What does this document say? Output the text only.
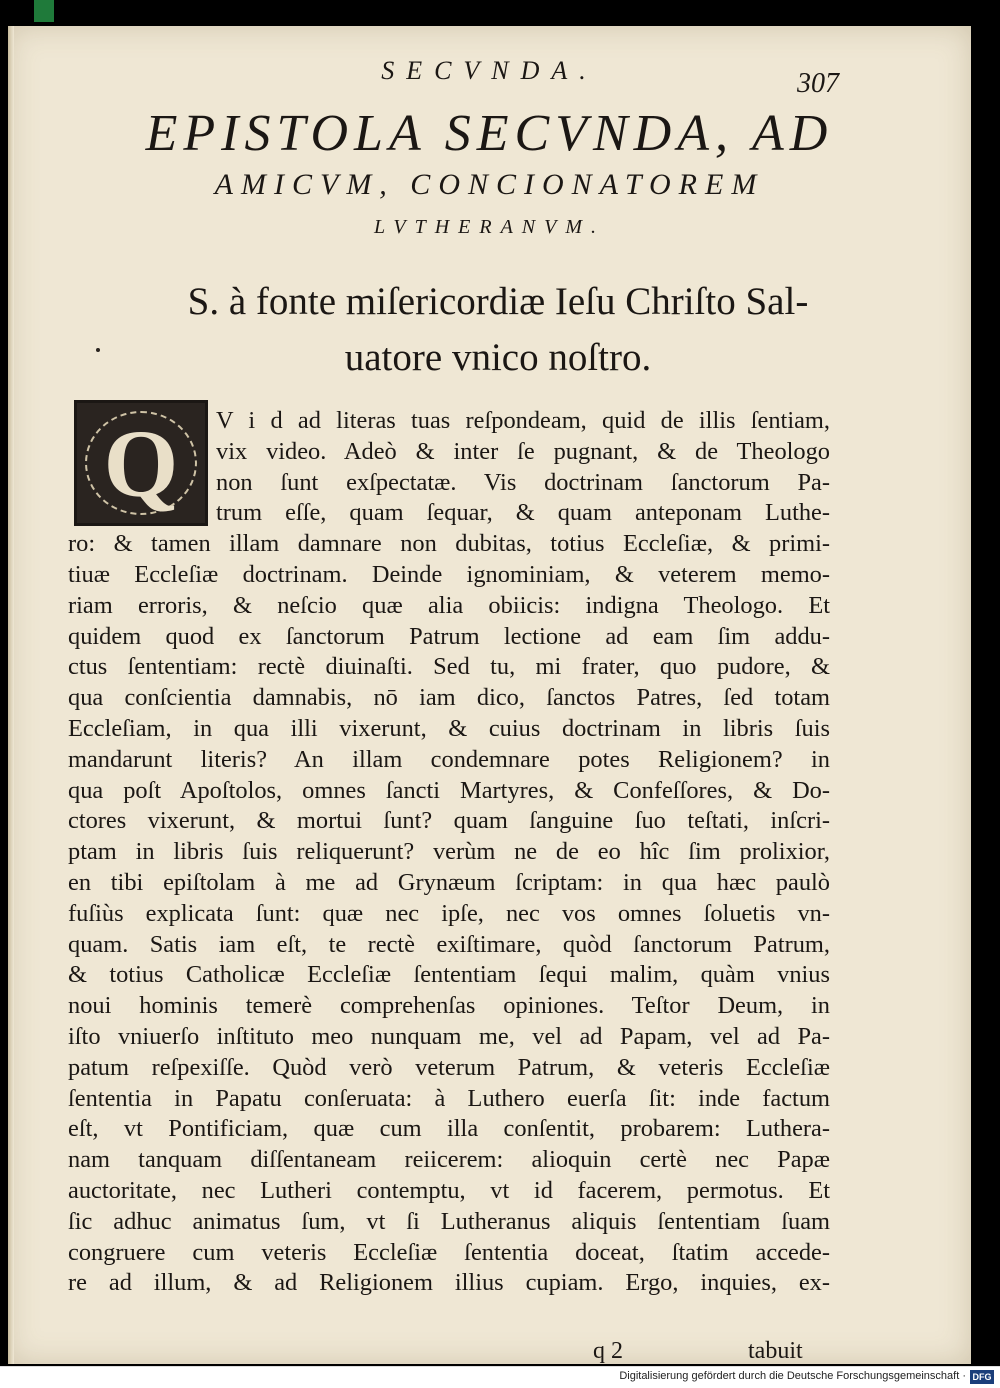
SECVNDA.	307
EPISTOLA SECVNDA, AD
AMICVM, CONCIONATOREM
LVTHERANVM.
S. à fonte miſericordiæ Ieſu Chriſto Sal-
uatore vnico noſtro.
Q	V i d ad literas tuas reſpondeam, quid de illis ſentiam,
vix video. Adeò & inter ſe pugnant, & de Theologo
non ſunt exſpectatæ. Vis doctrinam ſanctorum Pa-
trum eſſe, quam ſequar, & quam anteponam Luthe-
ro: & tamen illam damnare non dubitas, totius Eccleſiæ, & primi-
tiuæ Eccleſiæ doctrinam. Deinde ignominiam, & veterem memo-
riam erroris, & neſcio quæ alia obiicis: indigna Theologo. Et
quidem quod ex ſanctorum Patrum lectione ad eam ſim addu-
ctus ſententiam: rectè diuinaſti. Sed tu, mi frater, quo pudore, &
qua conſcientia damnabis, nō iam dico, ſanctos Patres, ſed totam
Eccleſiam, in qua illi vixerunt, & cuius doctrinam in libris ſuis
mandarunt literis? An illam condemnare potes Religionem? in
qua poſt Apoſtolos, omnes ſancti Martyres, & Confeſſores, & Do-
ctores vixerunt, & mortui ſunt? quam ſanguine ſuo teſtati, inſcri-
ptam in libris ſuis reliquerunt? verùm ne de eo hîc ſim prolixior,
en tibi epiſtolam à me ad Grynæum ſcriptam: in qua hæc paulò
fuſiùs explicata ſunt: quæ nec ipſe, nec vos omnes ſoluetis vn-
quam. Satis iam eſt, te rectè exiſtimare, quòd ſanctorum Patrum,
& totius Catholicæ Eccleſiæ ſententiam ſequi malim, quàm vnius
noui hominis temerè comprehenſas opiniones. Teſtor Deum, in
iſto vniuerſo inſtituto meo nunquam me, vel ad Papam, vel ad Pa-
patum reſpexiſſe. Quòd verò veterum Patrum, & veteris Eccleſiæ
ſententia in Papatu conſeruata: à Luthero euerſa ſit: inde factum
eſt, vt Pontificiam, quæ cum illa conſentit, probarem: Luthera-
nam tanquam diſſentaneam reiicerem: alioquin certè nec Papæ
auctoritate, nec Lutheri contemptu, vt id facerem, permotus. Et
ſic adhuc animatus ſum, vt ſi Lutheranus aliquis ſententiam ſuam
congruere cum veteris Eccleſiæ ſententia doceat, ſtatim accede-
re ad illum, & ad Religionem illius cupiam. Ergo, inquies, ex-
q 2	tabuit
Digitalisierung gefördert durch die Deutsche Forschungsgemeinschaft · DFG
